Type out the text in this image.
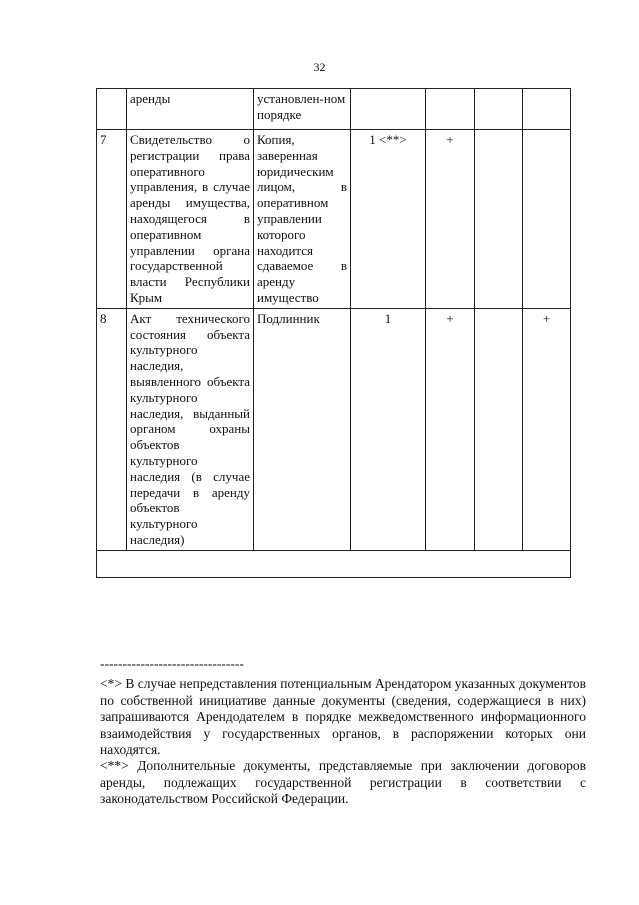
32
	аренды	установлен-ном порядке				
7	Свидетельство о регистрации права оперативного управления, в случае аренды имущества, находящегося в оперативном управлении органа государственной власти Республики Крым	Копия, заверенная юридическим лицом, в оперативном управлении которого находится сдаваемое в аренду имущество	1 <**>	+		
8	Акт технического состояния объекта культурного наследия, выявленного объекта культурного наследия, выданный органом охраны объектов культурного наследия (в случае передачи в аренду объектов культурного наследия)	Подлинник	1	+		+

--------------------------------

<*> В случае непредставления потенциальным Арендатором указанных документов по собственной инициативе данные документы (сведения, содержащиеся в них) запрашиваются Арендодателем в порядке межведомственного информационного взаимодействия у государственных органов, в распоряжении которых они находятся.

<**> Дополнительные документы, представляемые при заключении договоров аренды, подлежащих государственной регистрации в соответствии с законодательством Российской Федерации.
